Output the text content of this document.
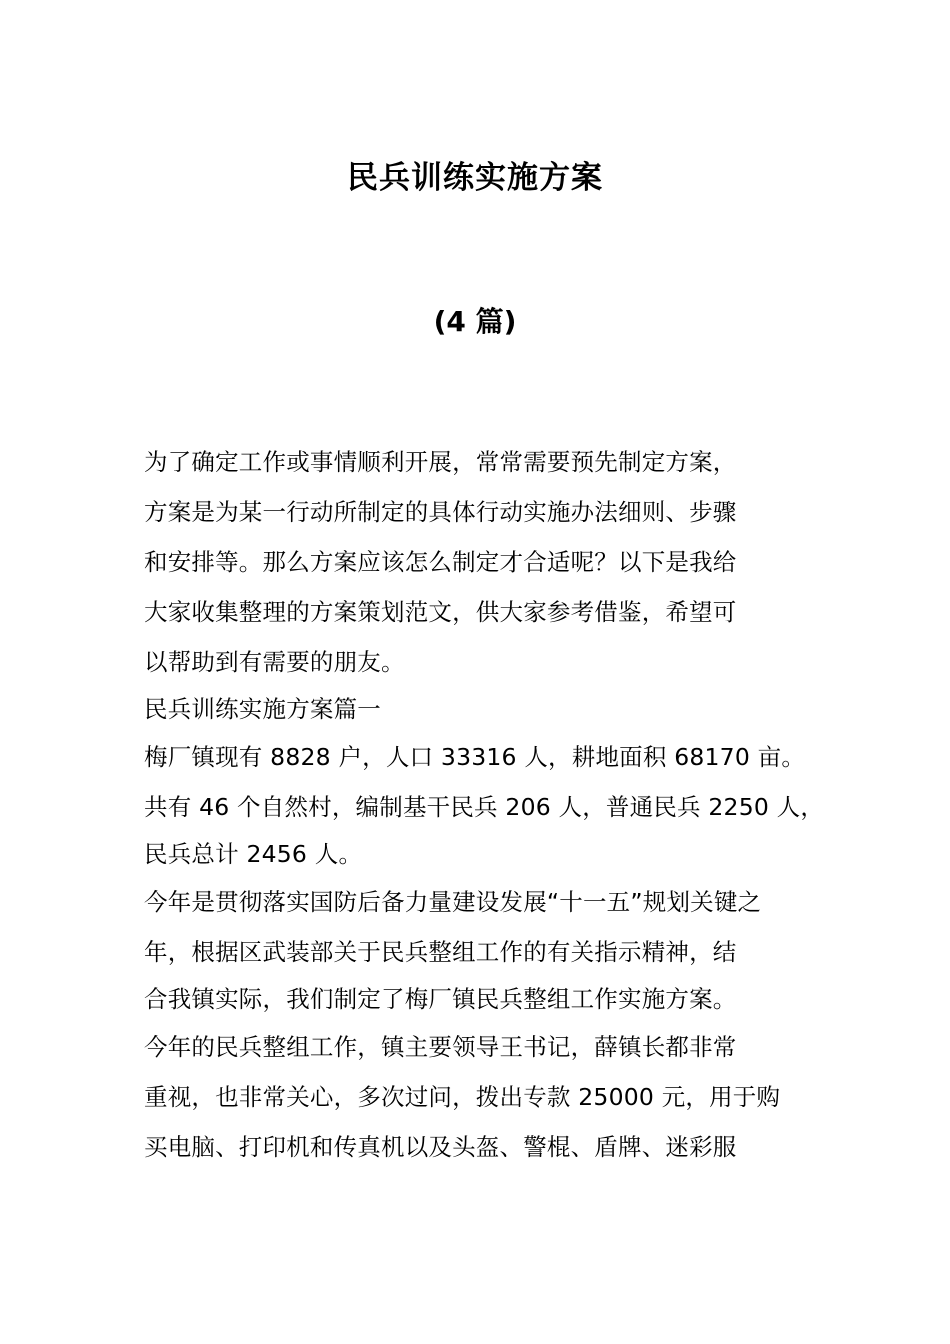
民兵训练实施方案
(4 篇)
为了确定工作或事情顺利开展，常常需要预先制定方案，
方案是为某一行动所制定的具体行动实施办法细则、步骤
和安排等。那么方案应该怎么制定才合适呢？以下是我给
大家收集整理的方案策划范文，供大家参考借鉴，希望可
以帮助到有需要的朋友。
民兵训练实施方案篇一
梅厂镇现有 8828 户，人口 33316 人，耕地面积 68170 亩。
共有 46 个自然村，编制基干民兵 206 人，普通民兵 2250 人，
民兵总计 2456 人。
今年是贯彻落实国防后备力量建设发展“十一五”规划关键之
年，根据区武装部关于民兵整组工作的有关指示精神，结
合我镇实际，我们制定了梅厂镇民兵整组工作实施方案。
今年的民兵整组工作，镇主要领导王书记，薛镇长都非常
重视，也非常关心，多次过问，拨出专款 25000 元，用于购
买电脑、打印机和传真机以及头盔、警棍、盾牌、迷彩服
